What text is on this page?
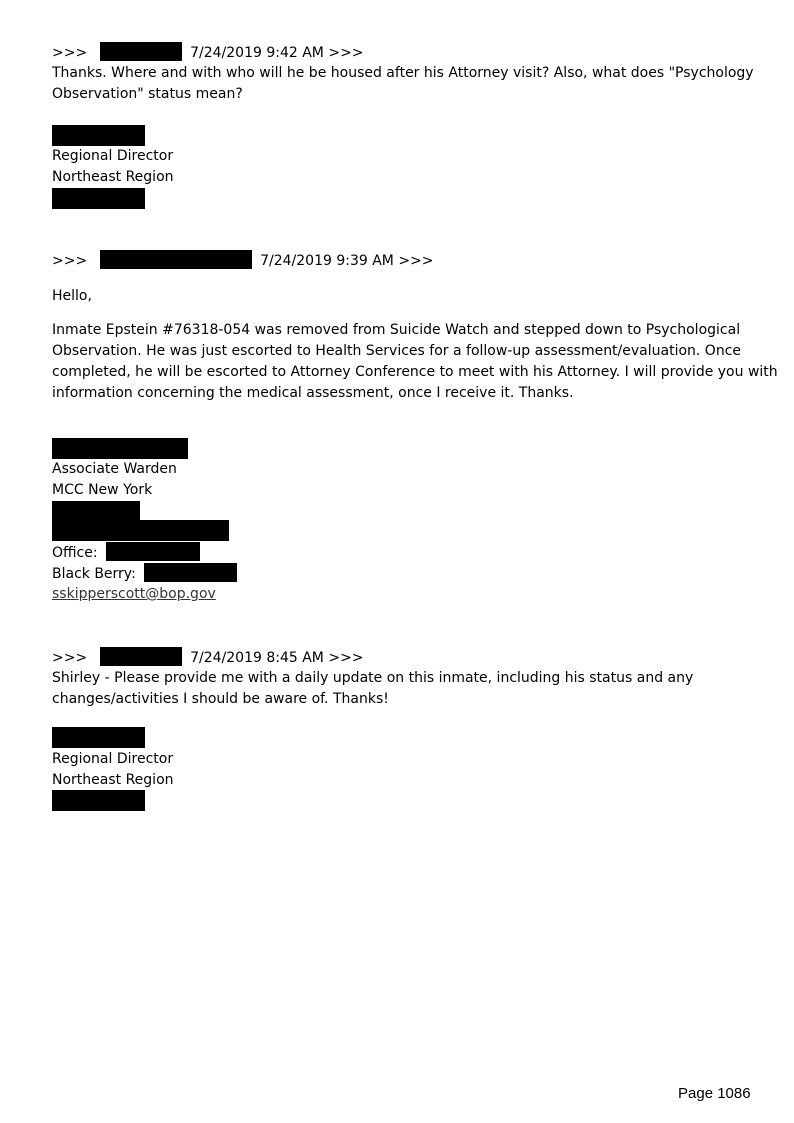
>>>	7/24/2019 9:42 AM >>>
Thanks. Where and with who will he be housed after his Attorney visit? Also, what does "Psychology
Observation" status mean?
Regional Director
Northeast Region
>>>	7/24/2019 9:39 AM >>>
Hello,
Inmate Epstein #76318-054 was removed from Suicide Watch and stepped down to Psychological
Observation. He was just escorted to Health Services for a follow-up assessment/evaluation. Once
completed, he will be escorted to Attorney Conference to meet with his Attorney. I will provide you with
information concerning the medical assessment, once I receive it. Thanks.
Associate Warden
MCC New York
Office:
Black Berry:
sskipperscott@bop.gov
>>>	7/24/2019 8:45 AM >>>
Shirley - Please provide me with a daily update on this inmate, including his status and any
changes/activities I should be aware of. Thanks!
Regional Director
Northeast Region
Page 1086
